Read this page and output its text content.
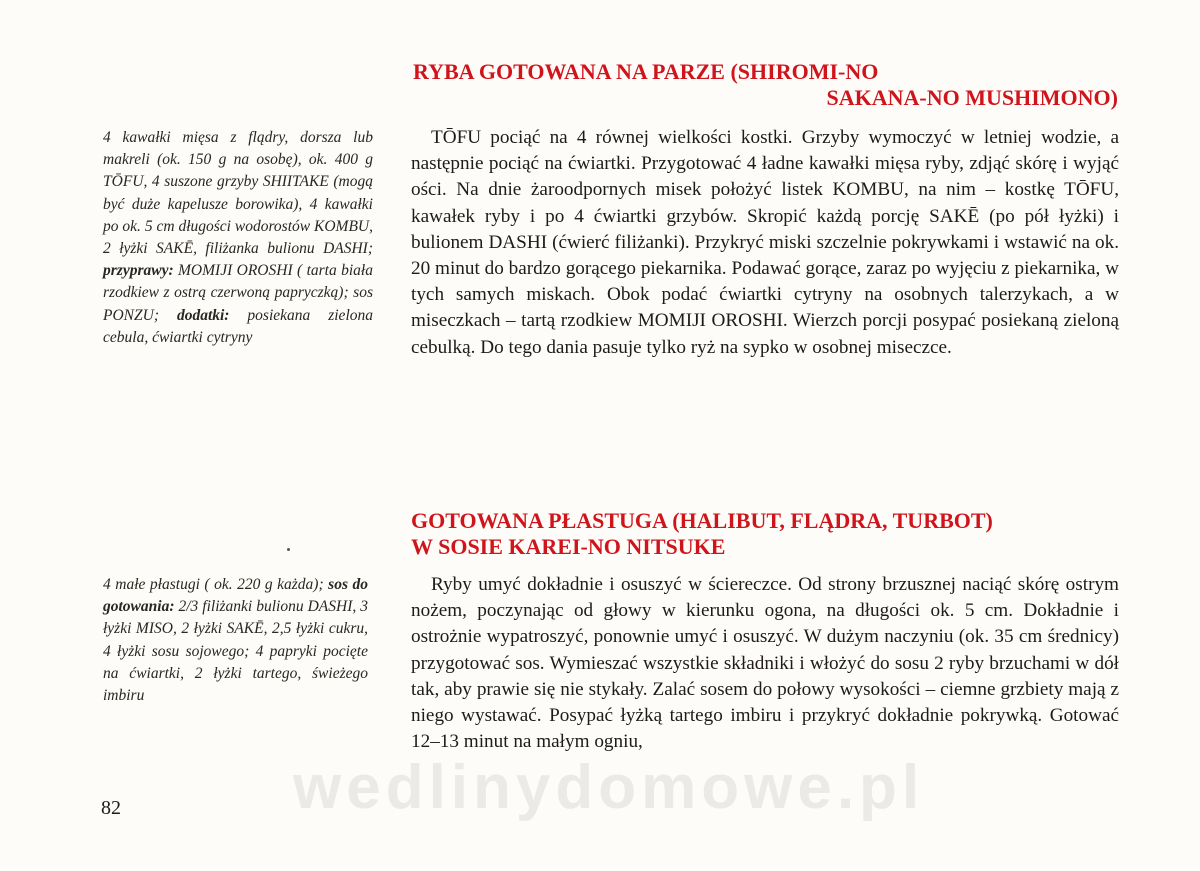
RYBA GOTOWANA NA PARZE (SHIROMI-NO
SAKANA-NO MUSHIMONO)
4 kawałki mięsa z flądry, dorsza lub makreli (ok. 150 g na osobę), ok. 400 g TŌFU, 4 suszone grzyby SHIITAKE (mogą być duże kapelusze borowika), 4 kawałki po ok. 5 cm długości wodorostów KOMBU, 2 łyżki SAKĒ, filiżanka bulionu DASHI; przyprawy: MOMIJI OROSHI ( tarta biała rzodkiew z ostrą czerwoną papryczką); sos PONZU; dodatki: posiekana zielona cebula, ćwiartki cytryny

TŌFU pociąć na 4 równej wielkości kostki. Grzyby wymoczyć w letniej wodzie, a następnie pociąć na ćwiartki. Przygotować 4 ładne kawałki mięsa ryby, zdjąć skórę i wyjąć ości. Na dnie żaroodpornych misek położyć listek KOMBU, na nim – kostkę TŌFU, kawałek ryby i po 4 ćwiartki grzybów. Skropić każdą porcję SAKĒ (po pół łyżki) i bulionem DASHI (ćwierć filiżanki). Przykryć miski szczelnie pokrywkami i wstawić na ok. 20 minut do bardzo gorącego piekarnika. Podawać gorące, zaraz po wyjęciu z piekarnika, w tych samych miskach. Obok podać ćwiartki cytryny na osobnych talerzykach, a w miseczkach – tartą rzodkiew MOMIJI OROSHI. Wierzch porcji posypać posiekaną zieloną cebulką. Do tego dania pasuje tylko ryż na sypko w osobnej miseczce.

GOTOWANA PŁASTUGA (HALIBUT, FLĄDRA, TURBOT)
W SOSIE KAREI-NO NITSUKE
4 małe płastugi ( ok. 220 g każda); sos do gotowania: 2/3 filiżanki bulionu DASHI, 3 łyżki MISO, 2 łyżki SAKĒ, 2,5 łyżki cukru, 4 łyżki sosu sojowego; 4 papryki pocięte na ćwiartki, 2 łyżki tartego, świeżego imbiru

Ryby umyć dokładnie i osuszyć w ściereczce. Od strony brzusznej naciąć skórę ostrym nożem, poczynając od głowy w kierunku ogona, na długości ok. 5 cm. Dokładnie i ostrożnie wypatroszyć, ponownie umyć i osuszyć. W dużym naczyniu (ok. 35 cm średnicy) przygotować sos. Wymieszać wszystkie składniki i włożyć do sosu 2 ryby brzuchami w dół tak, aby prawie się nie stykały. Zalać sosem do połowy wysokości – ciemne grzbiety mają z niego wystawać. Posypać łyżką tartego imbiru i przykryć dokładnie pokrywką. Gotować 12–13 minut na małym ogniu,

82	wedlinydomowe.pl
